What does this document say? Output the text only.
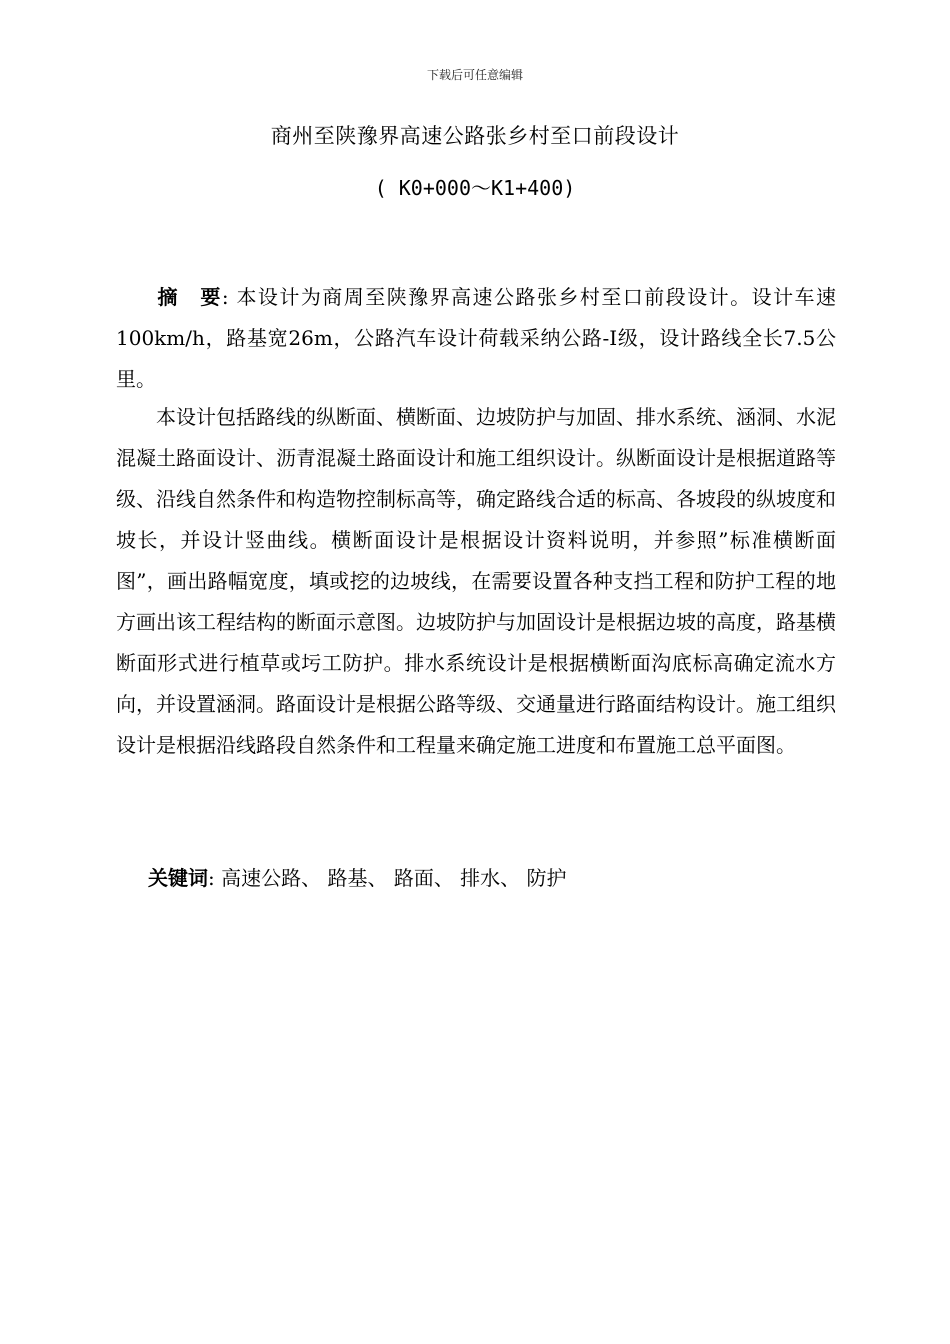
下载后可任意编辑
商州至陕豫界高速公路张乡村至口前段设计
( K0+000～K1+400)
摘　要: 本设计为商周至陕豫界高速公路张乡村至口前段设计。设计车速100km/h，路基宽26m，公路汽车设计荷载采纳公路-I级，设计路线全长7.5公里。
本设计包括路线的纵断面、横断面、边坡防护与加固、排水系统、涵洞、水泥混凝土路面设计、沥青混凝土路面设计和施工组织设计。纵断面设计是根据道路等级、沿线自然条件和构造物控制标高等，确定路线合适的标高、各坡段的纵坡度和坡长，并设计竖曲线。横断面设计是根据设计资料说明，并参照”标准横断面图”，画出路幅宽度，填或挖的边坡线，在需要设置各种支挡工程和防护工程的地方画出该工程结构的断面示意图。边坡防护与加固设计是根据边坡的高度，路基横断面形式进行植草或圬工防护。排水系统设计是根据横断面沟底标高确定流水方向，并设置涵洞。路面设计是根据公路等级、交通量进行路面结构设计。施工组织设计是根据沿线路段自然条件和工程量来确定施工进度和布置施工总平面图。
关键词: 高速公路、 路基、 路面、 排水、 防护
